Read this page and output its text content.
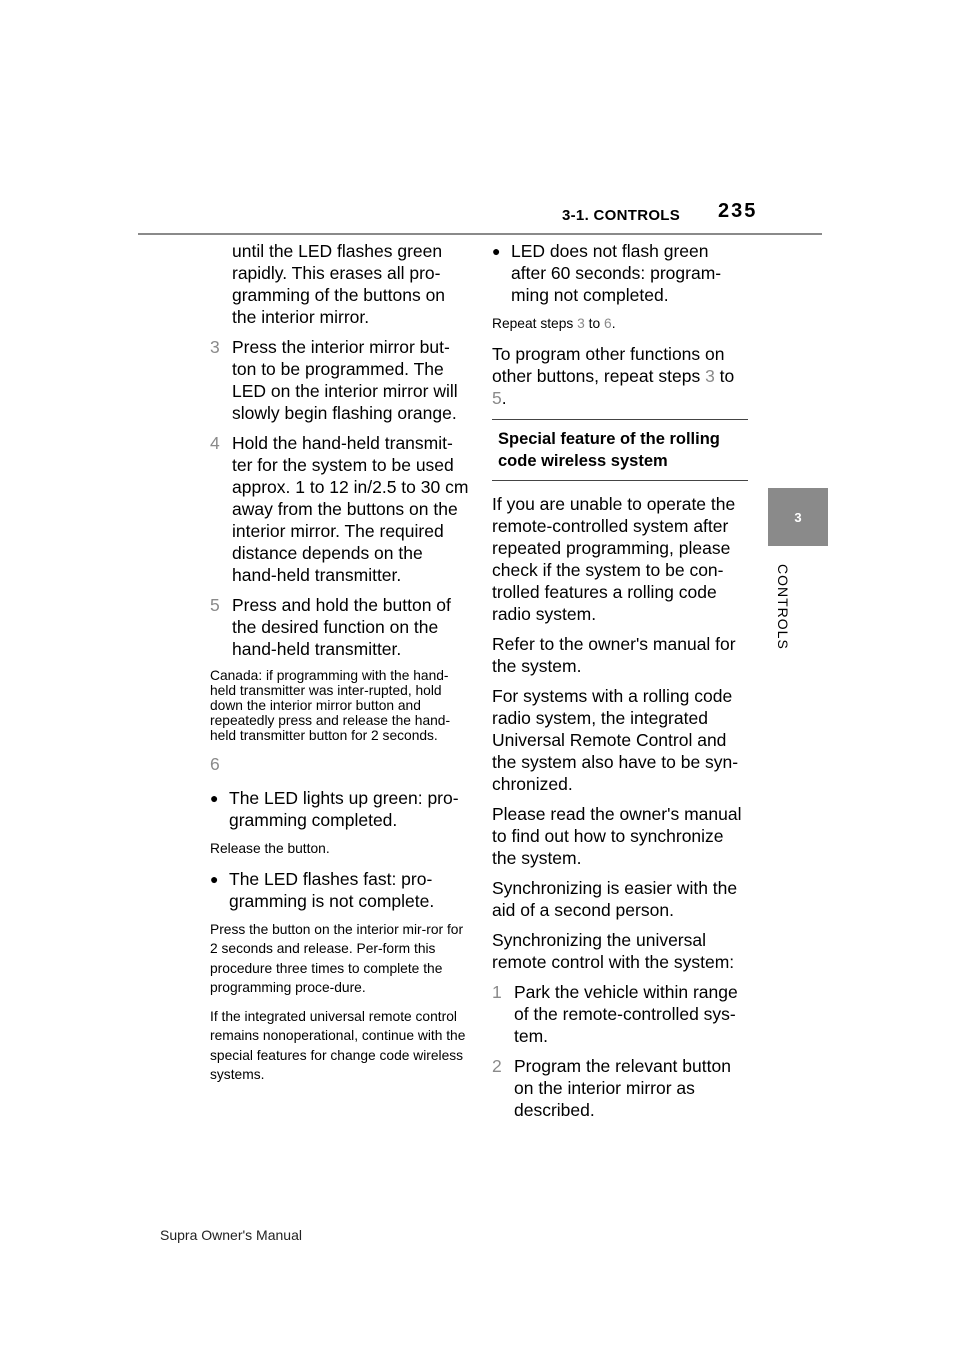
3-1. CONTROLS 235
3
CONTROLS
until the LED flashes green rapidly. This erases all pro-gramming of the buttons on the interior mirror.
3 Press the interior mirror but-ton to be programmed. The LED on the interior mirror will slowly begin flashing orange.
4 Hold the hand-held transmit-ter for the system to be used approx. 1 to 12 in/2.5 to 30 cm away from the buttons on the interior mirror. The required distance depends on the hand-held transmitter.
5 Press and hold the button of the desired function on the hand-held transmitter.
Canada: if programming with the hand-held transmitter was inter-rupted, hold down the interior mirror button and repeatedly press and release the hand-held transmitter button for 2 seconds.
6
● The LED lights up green: pro-gramming completed.
Release the button.
● The LED flashes fast: pro-gramming is not complete.
Press the button on the interior mir-ror for 2 seconds and release. Per-form this procedure three times to complete the programming proce-dure.
If the integrated universal remote control remains nonoperational, continue with the special features for change code wireless systems.
● LED does not flash green after 60 seconds: program-ming not completed.
Repeat steps 3 to 6.
To program other functions on other buttons, repeat steps 3 to 5.
Special feature of the rolling code wireless system
If you are unable to operate the remote-controlled system after repeated programming, please check if the system to be con-trolled features a rolling code radio system.
Refer to the owner's manual for the system.
For systems with a rolling code radio system, the integrated Universal Remote Control and the system also have to be syn-chronized.
Please read the owner's manual to find out how to synchronize the system.
Synchronizing is easier with the aid of a second person.
Synchronizing the universal remote control with the system:
1 Park the vehicle within range of the remote-controlled sys-tem.
2 Program the relevant button on the interior mirror as described.
Supra Owner's Manual
